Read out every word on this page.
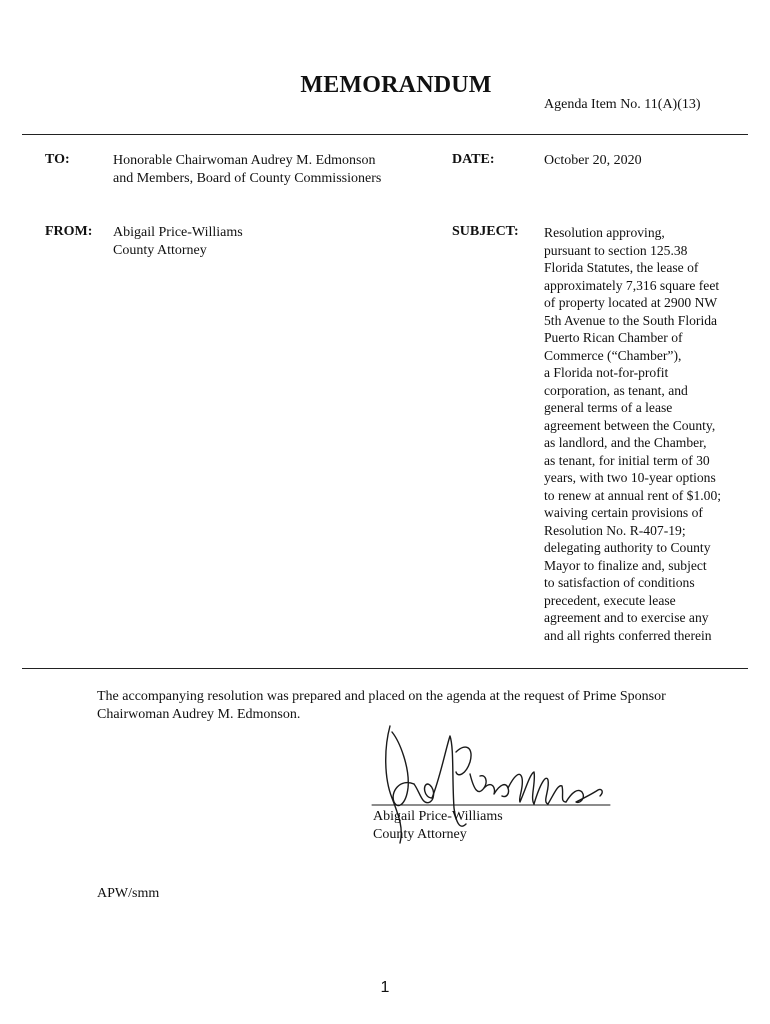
MEMORANDUM
Agenda Item No. 11(A)(13)
TO:	Honorable Chairwoman Audrey M. Edmonson
and Members, Board of County Commissioners
DATE:	October 20, 2020
FROM: Abigail Price-Williams
County Attorney
SUBJECT: Resolution approving,
pursuant to section 125.38
Florida Statutes, the lease of
approximately 7,316 square feet
of property located at 2900 NW
5th Avenue to the South Florida
Puerto Rican Chamber of
Commerce (“Chamber”),
a Florida not-for-profit
corporation, as tenant, and
general terms of a lease
agreement between the County,
as landlord, and the Chamber,
as tenant, for initial term of 30
years, with two 10-year options
to renew at annual rent of $1.00;
waiving certain provisions of
Resolution No. R-407-19;
delegating authority to County
Mayor to finalize and, subject
to satisfaction of conditions
precedent, execute lease
agreement and to exercise any
and all rights conferred therein
The accompanying resolution was prepared and placed on the agenda at the request of Prime Sponsor
Chairwoman Audrey M. Edmonson.
Abigail Price-Williams
County Attorney
APW/smm
1
